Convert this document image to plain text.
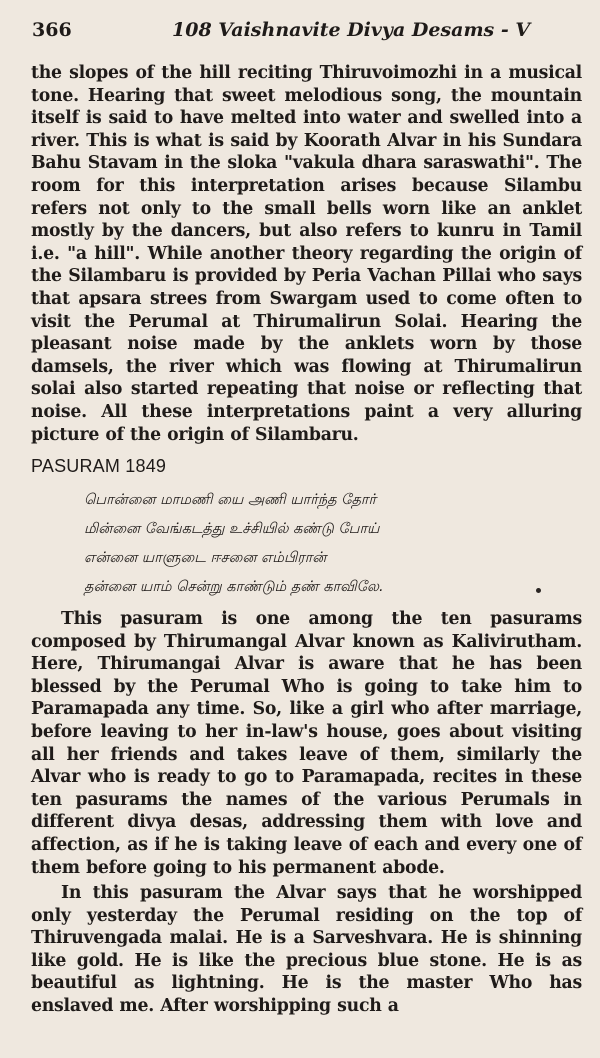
366	108 Vaishnavite Divya Desams - V

the slopes of the hill reciting Thiruvoimozhi in a musical tone. Hearing that sweet melodious song, the mountain itself is said to have melted into water and swelled into a river. This is what is said by Koorath Alvar in his Sundara Bahu Stavam in the sloka "vakula dhara saraswathi". The room for this interpretation arises because Silambu refers not only to the small bells worn like an anklet mostly by the dancers, but also refers to kunru in Tamil i.e. "a hill". While another theory regarding the origin of the Silambaru is provided by Peria Vachan Pillai who says that apsara strees from Swargam used to come often to visit the Perumal at Thirumalirun Solai. Hearing the pleasant noise made by the anklets worn by those damsels, the river which was flowing at Thirumalirun solai also started repeating that noise or reflecting that noise. All these interpretations paint a very alluring picture of the origin of Silambaru.

PASURAM 1849
பொன்னை மாமணி யை அணி யார்ந்த தோர்
மின்னை வேங்கடத்து உச்சியில் கண்டு போய்
என்னை யாளுடை ஈசனை எம்பிரான்
தன்னை யாம் சென்று காண்டும் தண் காவிலே.

This pasuram is one among the ten pasurams composed by Thirumangal Alvar known as Kalivirutham. Here, Thirumangai Alvar is aware that he has been blessed by the Perumal Who is going to take him to Paramapada any time. So, like a girl who after marriage, before leaving to her in-law's house, goes about visiting all her friends and takes leave of them, similarly the Alvar who is ready to go to Paramapada, recites in these ten pasurams the names of the various Perumals in different divya desas, addressing them with love and affection, as if he is taking leave of each and every one of them before going to his permanent abode.

In this pasuram the Alvar says that he worshipped only yesterday the Perumal residing on the top of Thiruvengada malai. He is a Sarveshvara. He is shinning like gold. He is like the precious blue stone. He is as beautiful as lightning. He is the master Who has enslaved me. After worshipping such a
